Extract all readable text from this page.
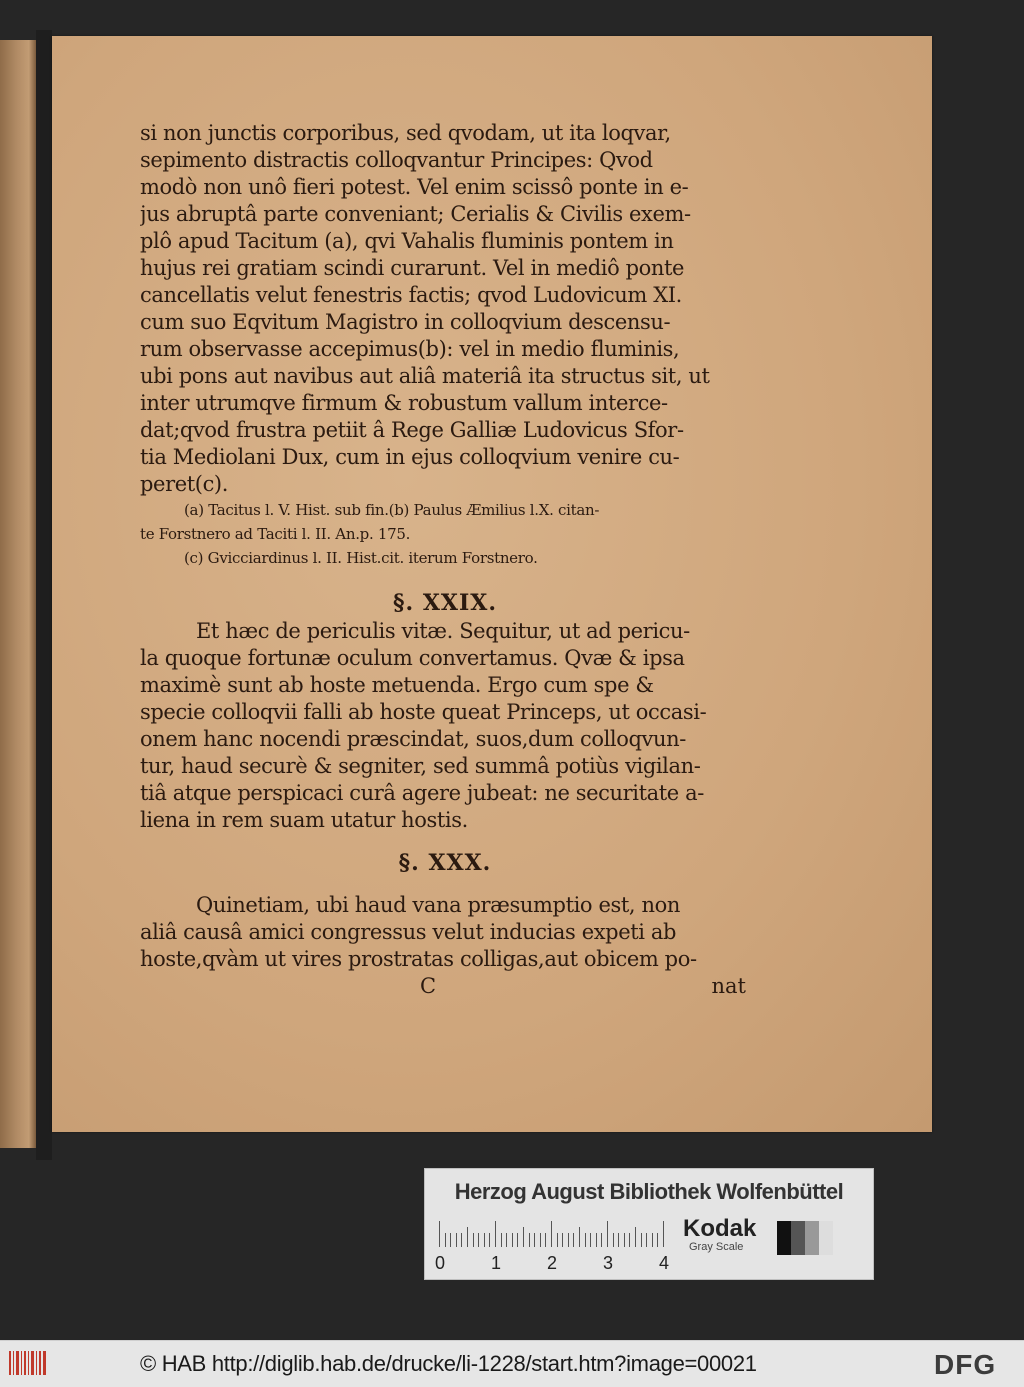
si non junctis corporibus, sed qvodam, ut ita loqvar,
sepimento distractis colloqvantur Principes: Qvod
modò non unô fieri potest. Vel enim scissô ponte in e-
jus abruptâ parte conveniant; Cerialis & Civilis exem-
plô apud Tacitum (a), qvi Vahalis fluminis pontem in
hujus rei gratiam scindi curarunt. Vel in mediô ponte
cancellatis velut fenestris factis; qvod Ludovicum XI.
cum suo Eqvitum Magistro in colloqvium descensu-
rum observasse accepimus(b): vel in medio fluminis,
ubi pons aut navibus aut aliâ materiâ ita structus sit, ut
inter utrumqve firmum & robustum vallum interce-
dat;qvod frustra petiit â Rege Galliæ Ludovicus Sfor-
tia Mediolani Dux, cum in ejus colloqvium venire cu-
peret(c).
(a) Tacitus l. V. Hist. sub fin.(b) Paulus Æmilius l.X. citan-
te Forstnero ad Taciti l. II. An.p. 175.
(c) Gvicciardinus l. II. Hist.cit. iterum Forstnero.
§. XXIX.
Et hæc de periculis vitæ. Sequitur, ut ad pericu-
la quoque fortunæ oculum convertamus. Qvæ & ipsa
maximè sunt ab hoste metuenda. Ergo cum spe &
specie colloqvii falli ab hoste queat Princeps, ut occasi-
onem hanc nocendi præscindat, suos,dum colloqvun-
tur, haud securè & segniter, sed summâ potiùs vigilan-
tiâ atque perspicaci curâ agere jubeat: ne securitate a-
liena in rem suam utatur hostis.
§. XXX.
Quinetiam, ubi haud vana præsumptio est, non
aliâ causâ amici congressus velut inducias expeti ab
hoste,qvàm ut vires prostratas colligas,aut obicem po-
C	nat
Herzog August Bibliothek Wolfenbüttel
0	1	2	3	4
Kodak
Gray Scale
© HAB http://diglib.hab.de/drucke/li-1228/start.htm?image=00021	DFG
